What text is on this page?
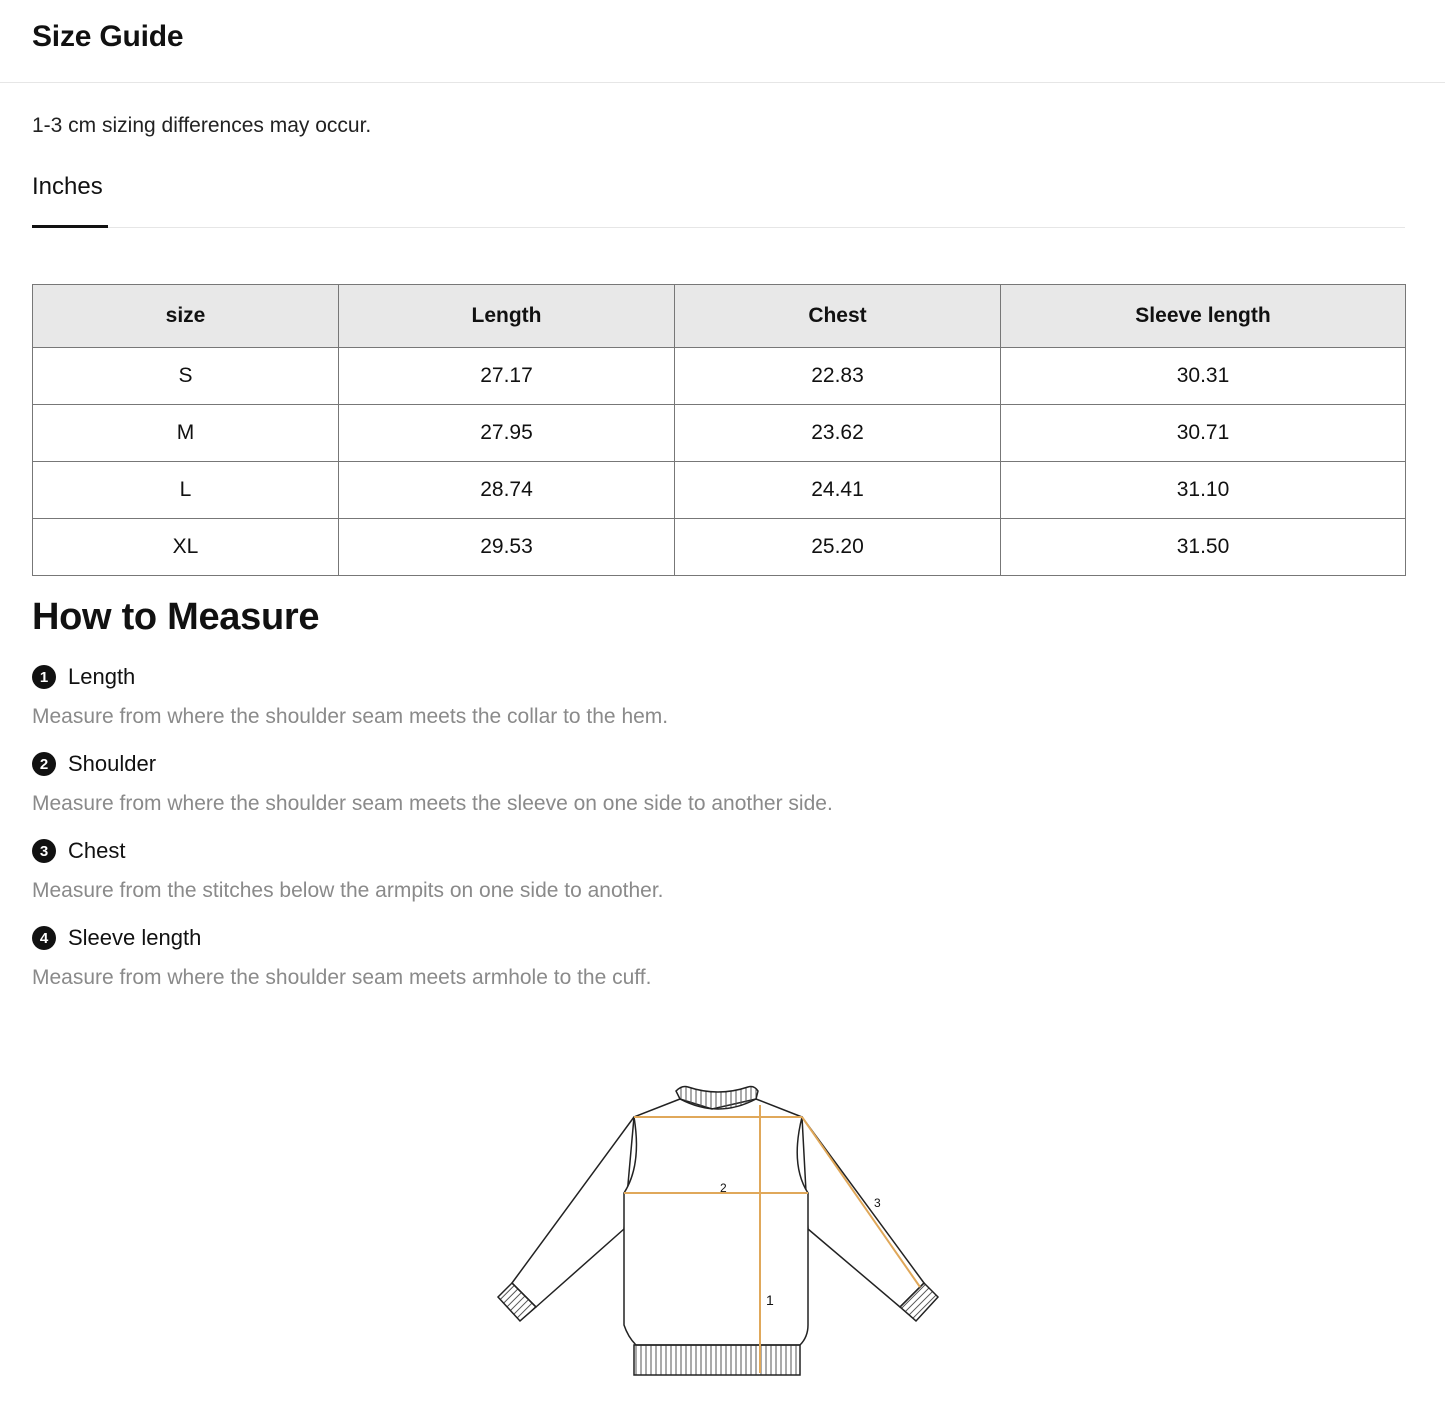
Size Guide
1-3 cm sizing differences may occur.
Inches
size	Length	Chest	Sleeve length
S	27.17	22.83	30.31
M	27.95	23.62	30.71
L	28.74	24.41	31.10
XL	29.53	25.20	31.50
How to Measure
1 Length
Measure from where the shoulder seam meets the collar to the hem.
2 Shoulder
Measure from where the shoulder seam meets the sleeve on one side to another side.
3 Chest
Measure from the stitches below the armpits on one side to another.
4 Sleeve length
Measure from where the shoulder seam meets armhole to the cuff.
2
3
1
